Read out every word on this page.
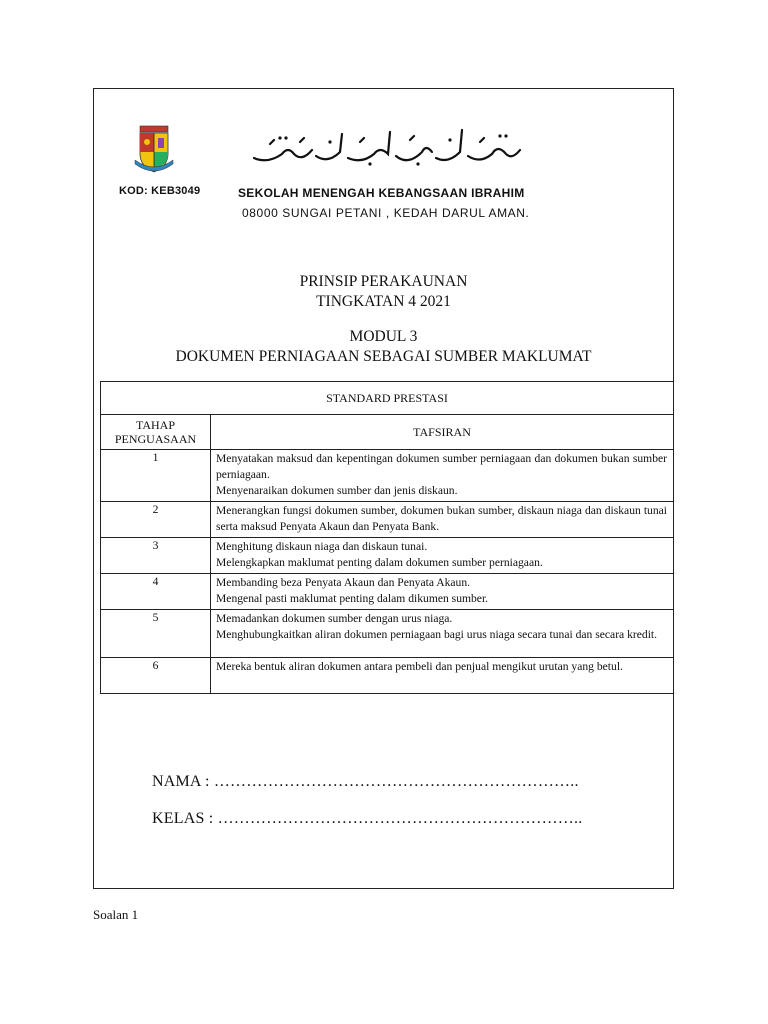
KOD: KEB3049	SEKOLAH MENENGAH KEBANGSAAN IBRAHIM
08000 SUNGAI PETANI , KEDAH DARUL AMAN.
PRINSIP PERAKAUNAN
TINGKATAN 4 2021
MODUL 3
DOKUMEN PERNIAGAAN SEBAGAI SUMBER MAKLUMAT
STANDARD PRESTASI	
TAHAP
PENGUASAAN	TAFSIRAN
1	Menyatakan maksud dan kepentingan dokumen sumber perniagaan dan dokumen bukan sumber perniagaan.
Menyenaraikan dokumen sumber dan jenis diskaun.

2	Menerangkan fungsi dokumen sumber, dokumen bukan sumber, diskaun niaga dan diskaun tunai serta maksud Penyata Akaun dan Penyata Bank.

3	Menghitung diskaun niaga dan diskaun tunai.
Melengkapkan maklumat penting dalam dokumen sumber perniagaan.

4	Membanding beza Penyata Akaun dan Penyata Akaun.
Mengenal pasti maklumat penting dalam dikumen sumber.

5	Memadankan dokumen sumber dengan urus niaga.
Menghubungkaitkan aliran dokumen perniagaan bagi urus niaga secara tunai dan secara kredit.

6	Mereka bentuk aliran dokumen antara pembeli dan penjual mengikut urutan yang betul.
NAMA : …………………………………………………………..
KELAS : …………………………………………………………..
Soalan 1
